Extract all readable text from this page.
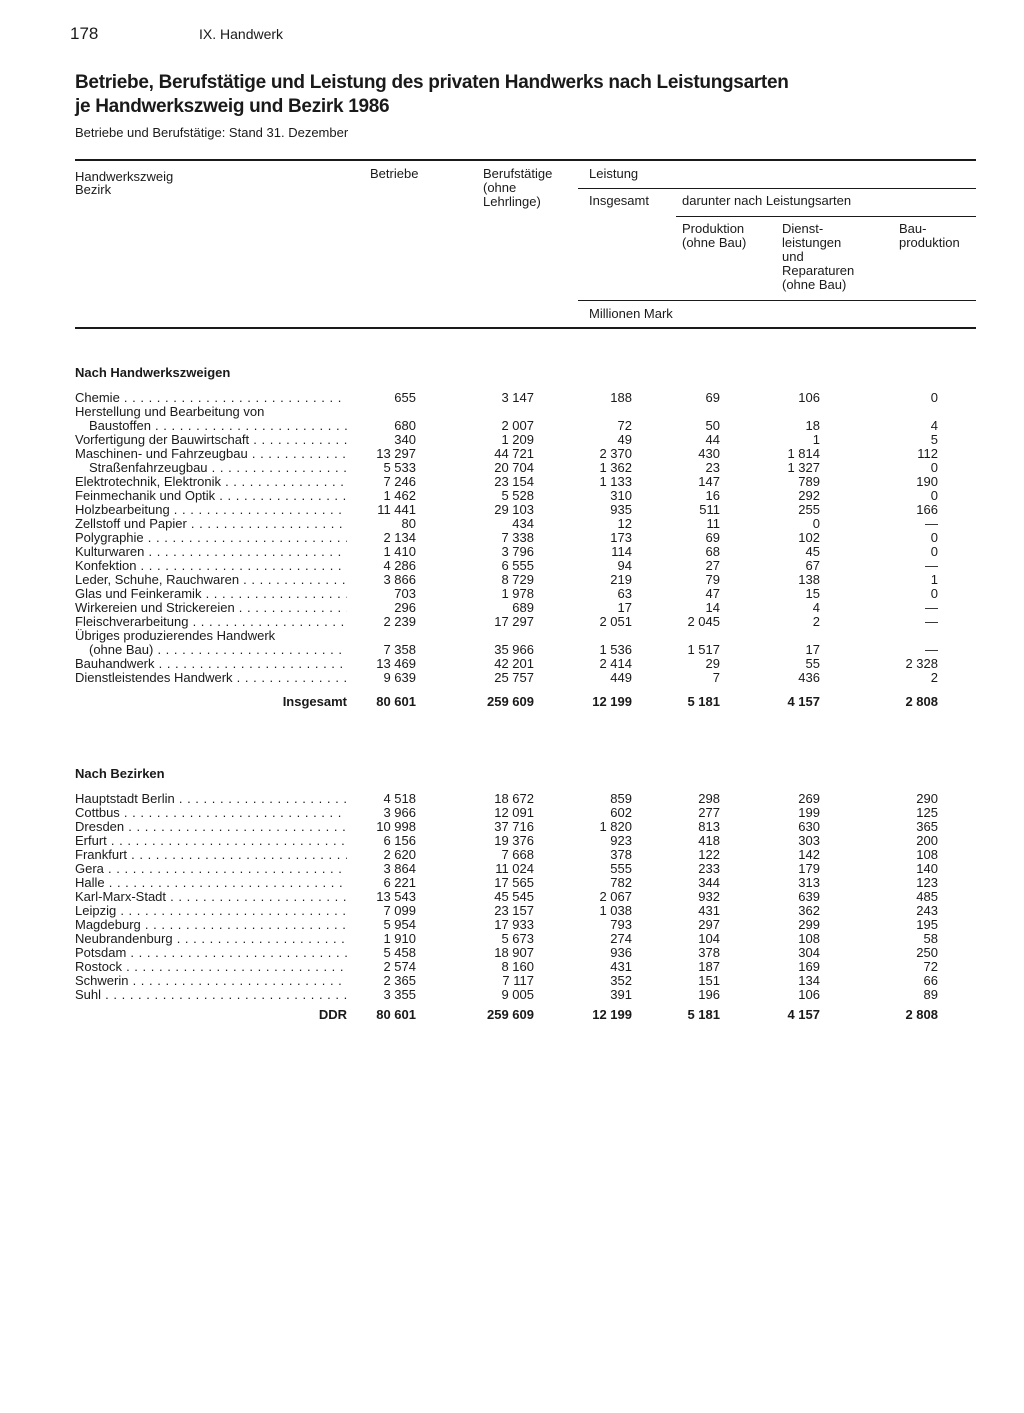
178	IX. Handwerk
Betriebe, Berufstätige und Leistung des privaten Handwerks nach Leistungsarten
je Handwerkszweig und Bezirk 1986
Betriebe und Berufstätige: Stand 31. Dezember
Handwerkszweig
Bezirk
Betriebe	Berufstätige
(ohne
Lehrlinge)
Leistung
Insgesamt	darunter nach Leistungsarten
Produktion
(ohne Bau)
Dienst-
leistungen
und
Reparaturen
(ohne Bau)
Bau-
produktion
Millionen Mark
Nach Handwerkszweigen
Chemie . . .	655	3 147	188	69	106	0
Herstellung und Bearbeitung von
Baustoffen . . .	680	2 007	72	50	18	4
Vorfertigung der Bauwirtschaft . . .	340	1 209	49	44	1	5
Maschinen- und Fahrzeugbau . . .	13 297	44 721	2 370	430	1 814	112
Straßenfahrzeugbau . . .	5 533	20 704	1 362	23	1 327	0
Elektrotechnik, Elektronik . . .	7 246	23 154	1 133	147	789	190
Feinmechanik und Optik . . .	1 462	5 528	310	16	292	0
Holzbearbeitung . . .	11 441	29 103	935	511	255	166
Zellstoff und Papier . . .	80	434	12	11	0	—
Polygraphie . . .	2 134	7 338	173	69	102	0
Kulturwaren . . .	1 410	3 796	114	68	45	0
Konfektion . . .	4 286	6 555	94	27	67	—
Leder, Schuhe, Rauchwaren . . .	3 866	8 729	219	79	138	1
Glas und Feinkeramik . . .	703	1 978	63	47	15	0
Wirkereien und Strickereien . . .	296	689	17	14	4	—
Fleischverarbeitung . . .	2 239	17 297	2 051	2 045	2	—
Übriges produzierendes Handwerk
(ohne Bau) . . .	7 358	35 966	1 536	1 517	17	—
Bauhandwerk . . .	13 469	42 201	2 414	29	55	2 328
Dienstleistendes Handwerk . . .	9 639	25 757	449	7	436	2
Insgesamt 80 601	259 609	12 199	5 181	4 157	2 808
Nach Bezirken
Hauptstadt Berlin . . .	4 518	18 672	859	298	269	290
Cottbus . . .	3 966	12 091	602	277	199	125
Dresden . . .	10 998	37 716	1 820	813	630	365
Erfurt . . .	6 156	19 376	923	418	303	200
Frankfurt . . .	2 620	7 668	378	122	142	108
Gera . . .	3 864	11 024	555	233	179	140
Halle . . .	6 221	17 565	782	344	313	123
Karl-Marx-Stadt . . .	13 543	45 545	2 067	932	639	485
Leipzig . . .	7 099	23 157	1 038	431	362	243
Magdeburg . . .	5 954	17 933	793	297	299	195
Neubrandenburg . . .	1 910	5 673	274	104	108	58
Potsdam . . .	5 458	18 907	936	378	304	250
Rostock . . .	2 574	8 160	431	187	169	72
Schwerin . . .	2 365	7 117	352	151	134	66
Suhl . . .	3 355	9 005	391	196	106	89
DDR 80 601	259 609	12 199	5 181	4 157	2 808
